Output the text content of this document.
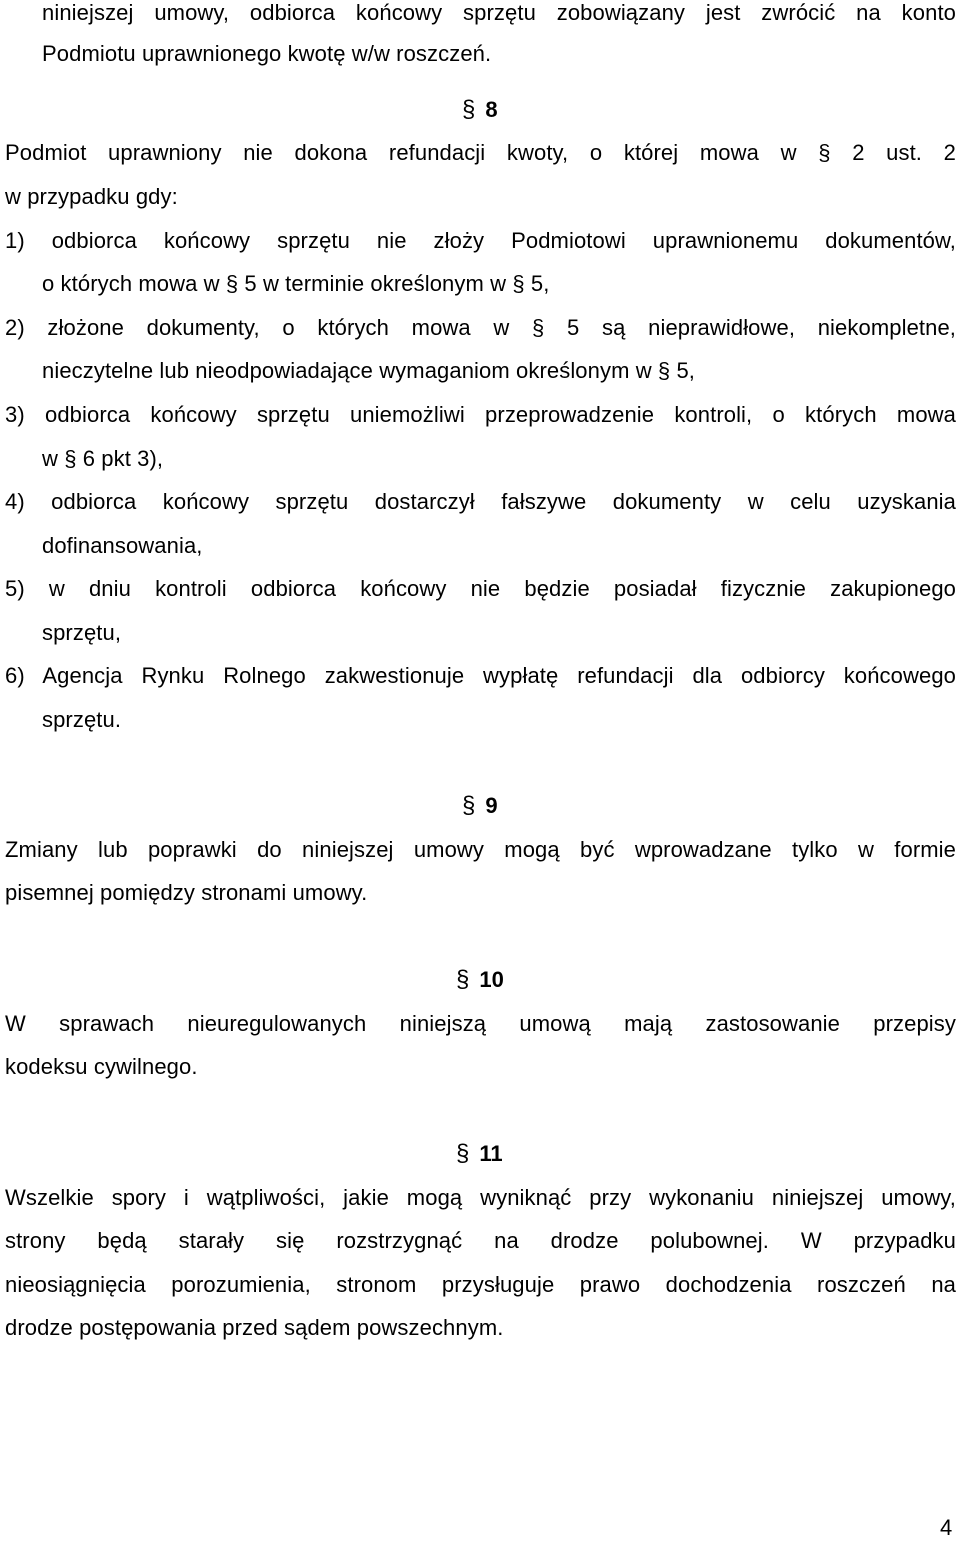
niniejszej umowy, odbiorca końcowy sprzętu zobowiązany jest zwrócić na konto
Podmiotu uprawnionego kwotę w/w roszczeń.
§ 8
Podmiot uprawniony nie dokona refundacji kwoty, o której mowa w § 2 ust. 2
w przypadku gdy:
1) odbiorca końcowy sprzętu nie złoży Podmiotowi uprawnionemu dokumentów,
o których mowa w § 5 w terminie określonym w § 5,
2) złożone dokumenty, o których mowa w § 5 są nieprawidłowe, niekompletne,
nieczytelne lub nieodpowiadające wymaganiom określonym w § 5,
3) odbiorca końcowy sprzętu uniemożliwi przeprowadzenie kontroli, o których mowa
w § 6 pkt 3),
4) odbiorca końcowy sprzętu dostarczył fałszywe dokumenty w celu uzyskania
dofinansowania,
5) w dniu kontroli odbiorca końcowy nie będzie posiadał fizycznie zakupionego
sprzętu,
6) Agencja Rynku Rolnego zakwestionuje wypłatę refundacji dla odbiorcy końcowego
sprzętu.
§ 9
Zmiany lub poprawki do niniejszej umowy mogą być wprowadzane tylko w formie
pisemnej pomiędzy stronami umowy.
§ 10
W sprawach nieuregulowanych niniejszą umową mają zastosowanie przepisy
kodeksu cywilnego.
§ 11
Wszelkie spory i wątpliwości, jakie mogą wyniknąć przy wykonaniu niniejszej umowy,
strony będą starały się rozstrzygnąć na drodze polubownej. W przypadku
nieosiągnięcia porozumienia, stronom przysługuje prawo dochodzenia roszczeń na
drodze postępowania przed sądem powszechnym.
4
